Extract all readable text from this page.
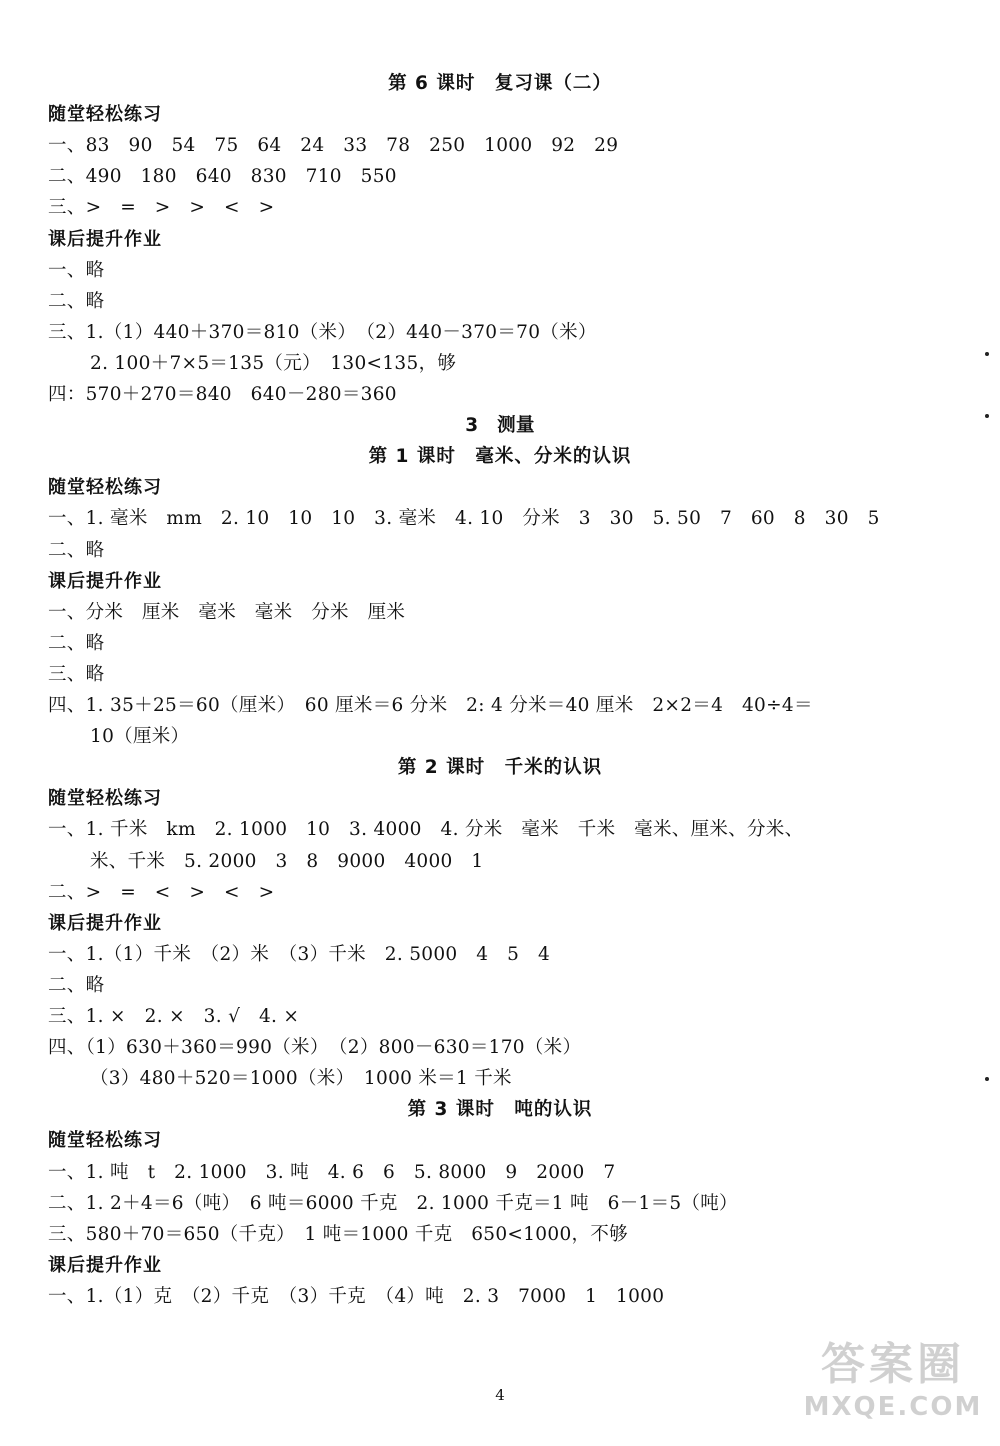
第 6 课时　复习课（二）
随堂轻松练习
一、83　90　54　75　64　24　33　78　250　1000　92　29
二、490　180　640　830　710　550
三、>　=　>　>　<　>
课后提升作业
一、略
二、略
三、1.（1）440＋370＝810（米）　（2）440－370＝70（米）
2. 100＋7×5＝135（元）　130<135，够
四：570＋270＝840　640－280＝360
3　测量
第 1 课时　毫米、分米的认识
随堂轻松练习
一、1. 毫米　mm　2. 10　10　10　3. 毫米　4. 10　分米　3　30　5. 50　7　60　8　30　5
二、略
课后提升作业
一、分米　厘米　毫米　毫米　分米　厘米
二、略
三、略
四、1. 35＋25＝60（厘米）　60 厘米＝6 分米　2: 4 分米＝40 厘米　2×2＝4　40÷4＝
10（厘米）
第 2 课时　千米的认识
随堂轻松练习
一、1. 千米　km　2. 1000　10　3. 4000　4. 分米　毫米　千米　毫米、厘米、分米、
米、千米　5. 2000　3　8　9000　4000　1
二、>　=　<　>　<　>
课后提升作业
一、1.（1）千米　（2）米　（3）千米　2. 5000　4　5　4
二、略
三、1. ×　2. ×　3. √　4. ×
四、（1）630＋360＝990（米）　（2）800－630＝170（米）
（3）480＋520＝1000（米）　1000 米＝1 千米
第 3 课时　吨的认识
随堂轻松练习
一、1. 吨　t　2. 1000　3. 吨　4. 6　6　5. 8000　9　2000　7
二、1. 2＋4＝6（吨）　6 吨＝6000 千克　2. 1000 千克＝1 吨　6－1＝5（吨）
三、580＋70＝650（千克）　1 吨＝1000 千克　650<1000，不够
课后提升作业
一、1.（1）克　（2）千克　（3）千克　（4）吨　2. 3　7000　1　1000
4
答案圈
MXQE.COM
